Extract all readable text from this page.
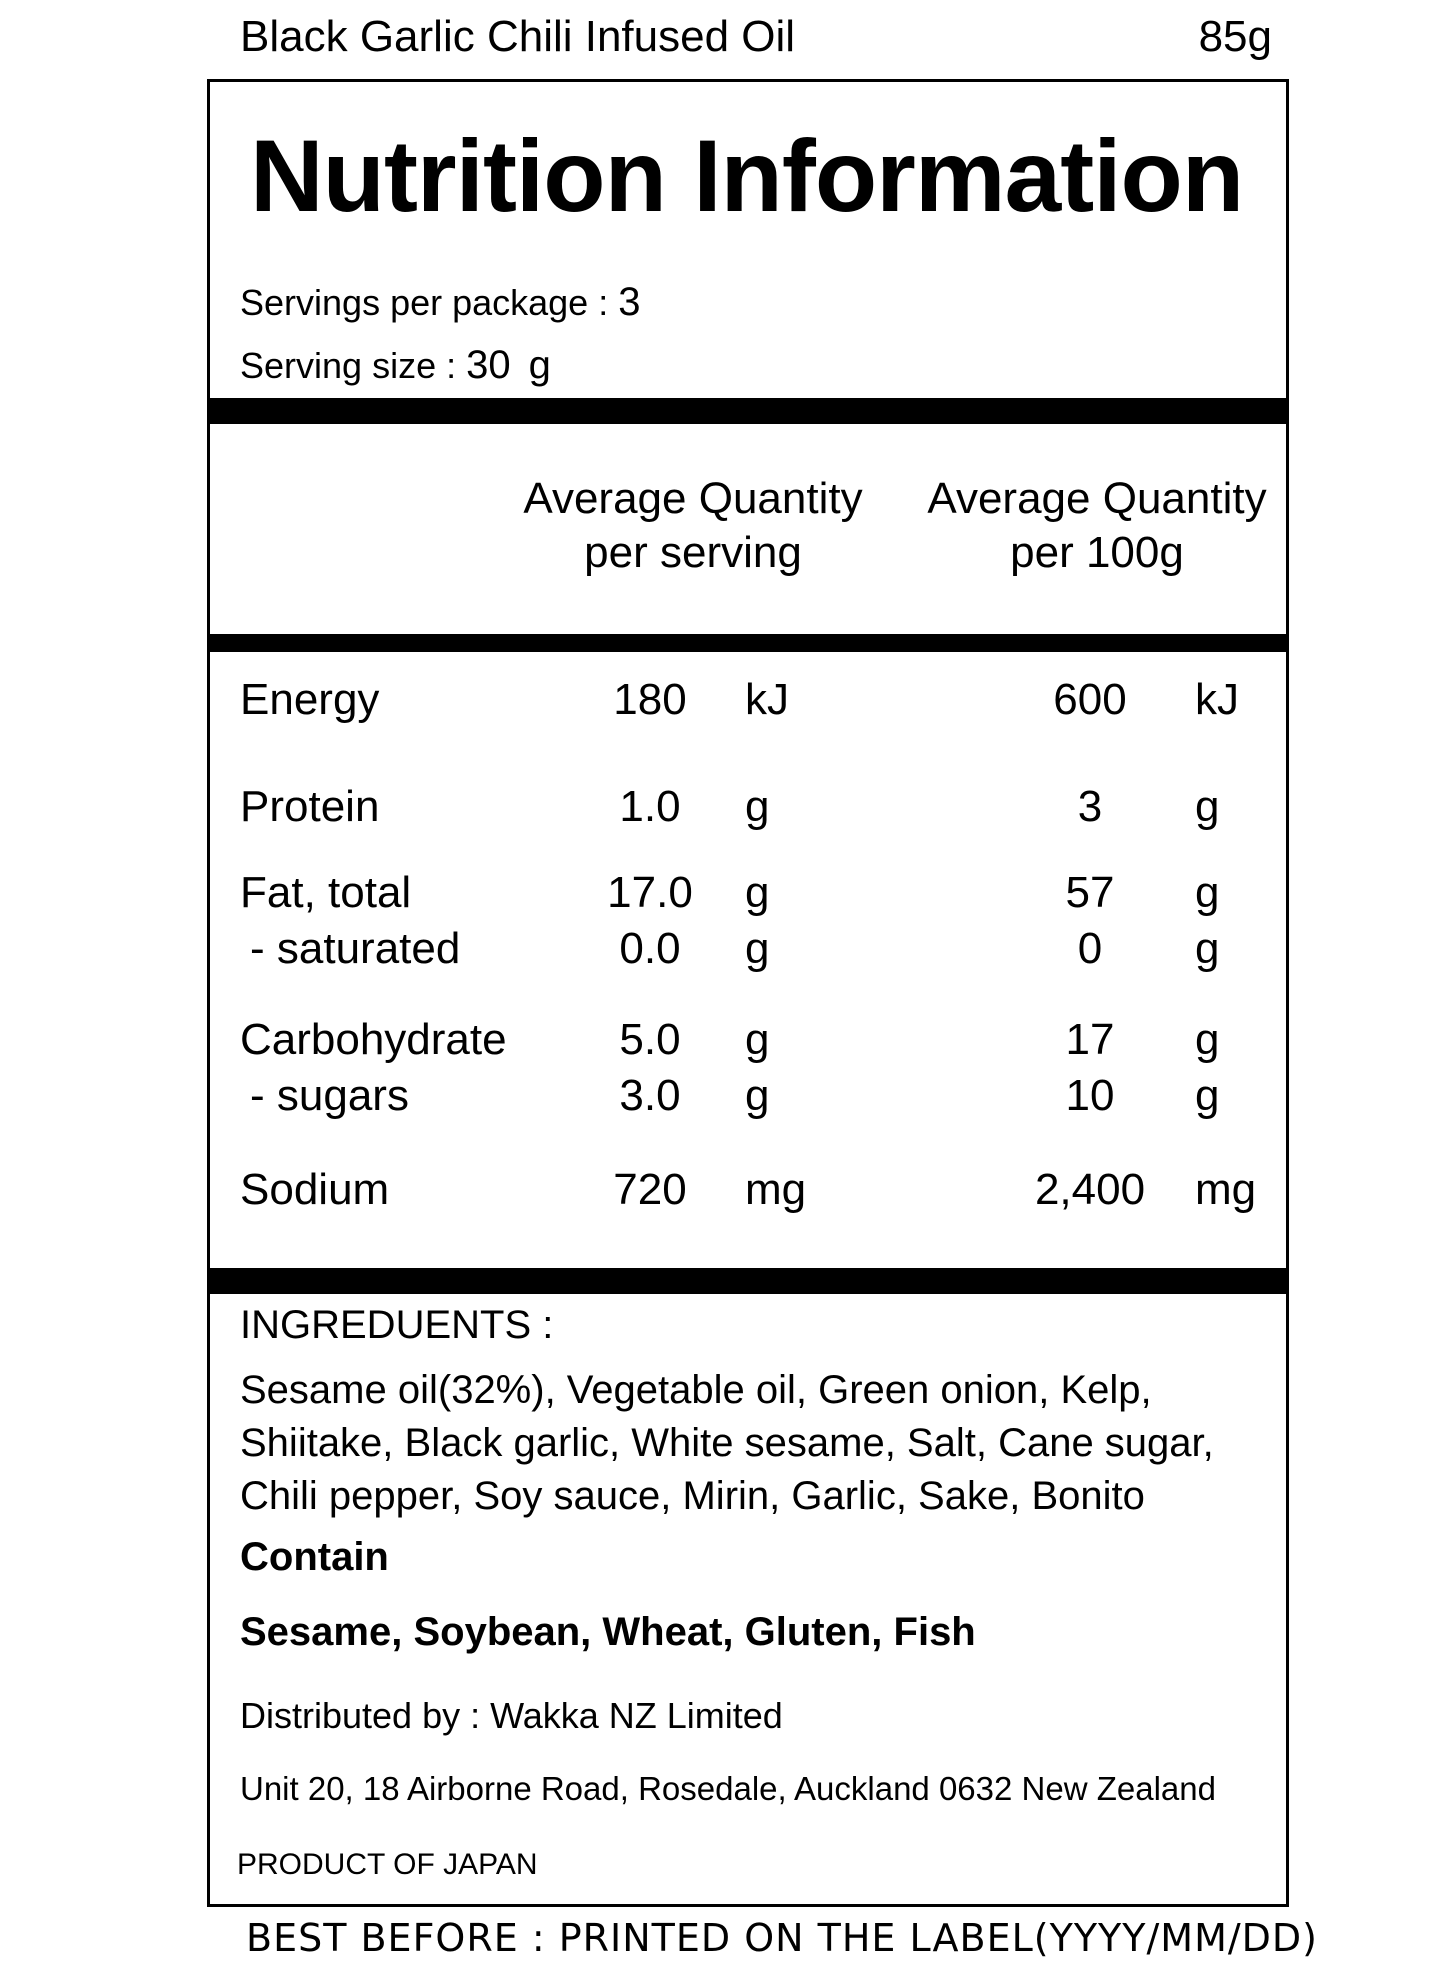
Black Garlic Chili Infused Oil	85g
Nutrition Information
Servings per package : 3
Serving size : 30 g
Average Quantity
per serving
Average Quantity
per 100g
Energy	180	kJ	600	kJ
Protein	1.0	g	3	g
Fat, total	17.0	g	57	g
- saturated	0.0	g	0	g
Carbohydrate	5.0	g	17	g
- sugars	3.0	g	10	g
Sodium	720	mg	2,400	mg
INGREDUENTS :
Sesame oil(32%), Vegetable oil, Green onion, Kelp, Shiitake, Black garlic, White sesame, Salt, Cane sugar, Chili pepper, Soy sauce, Mirin, Garlic, Sake, Bonito
Contain
Sesame, Soybean, Wheat, Gluten, Fish
Distributed by : Wakka NZ Limited
Unit 20, 18 Airborne Road, Rosedale, Auckland 0632 New Zealand
PRODUCT OF JAPAN
BEST BEFORE : PRINTED ON THE LABEL(YYYY/MM/DD)
